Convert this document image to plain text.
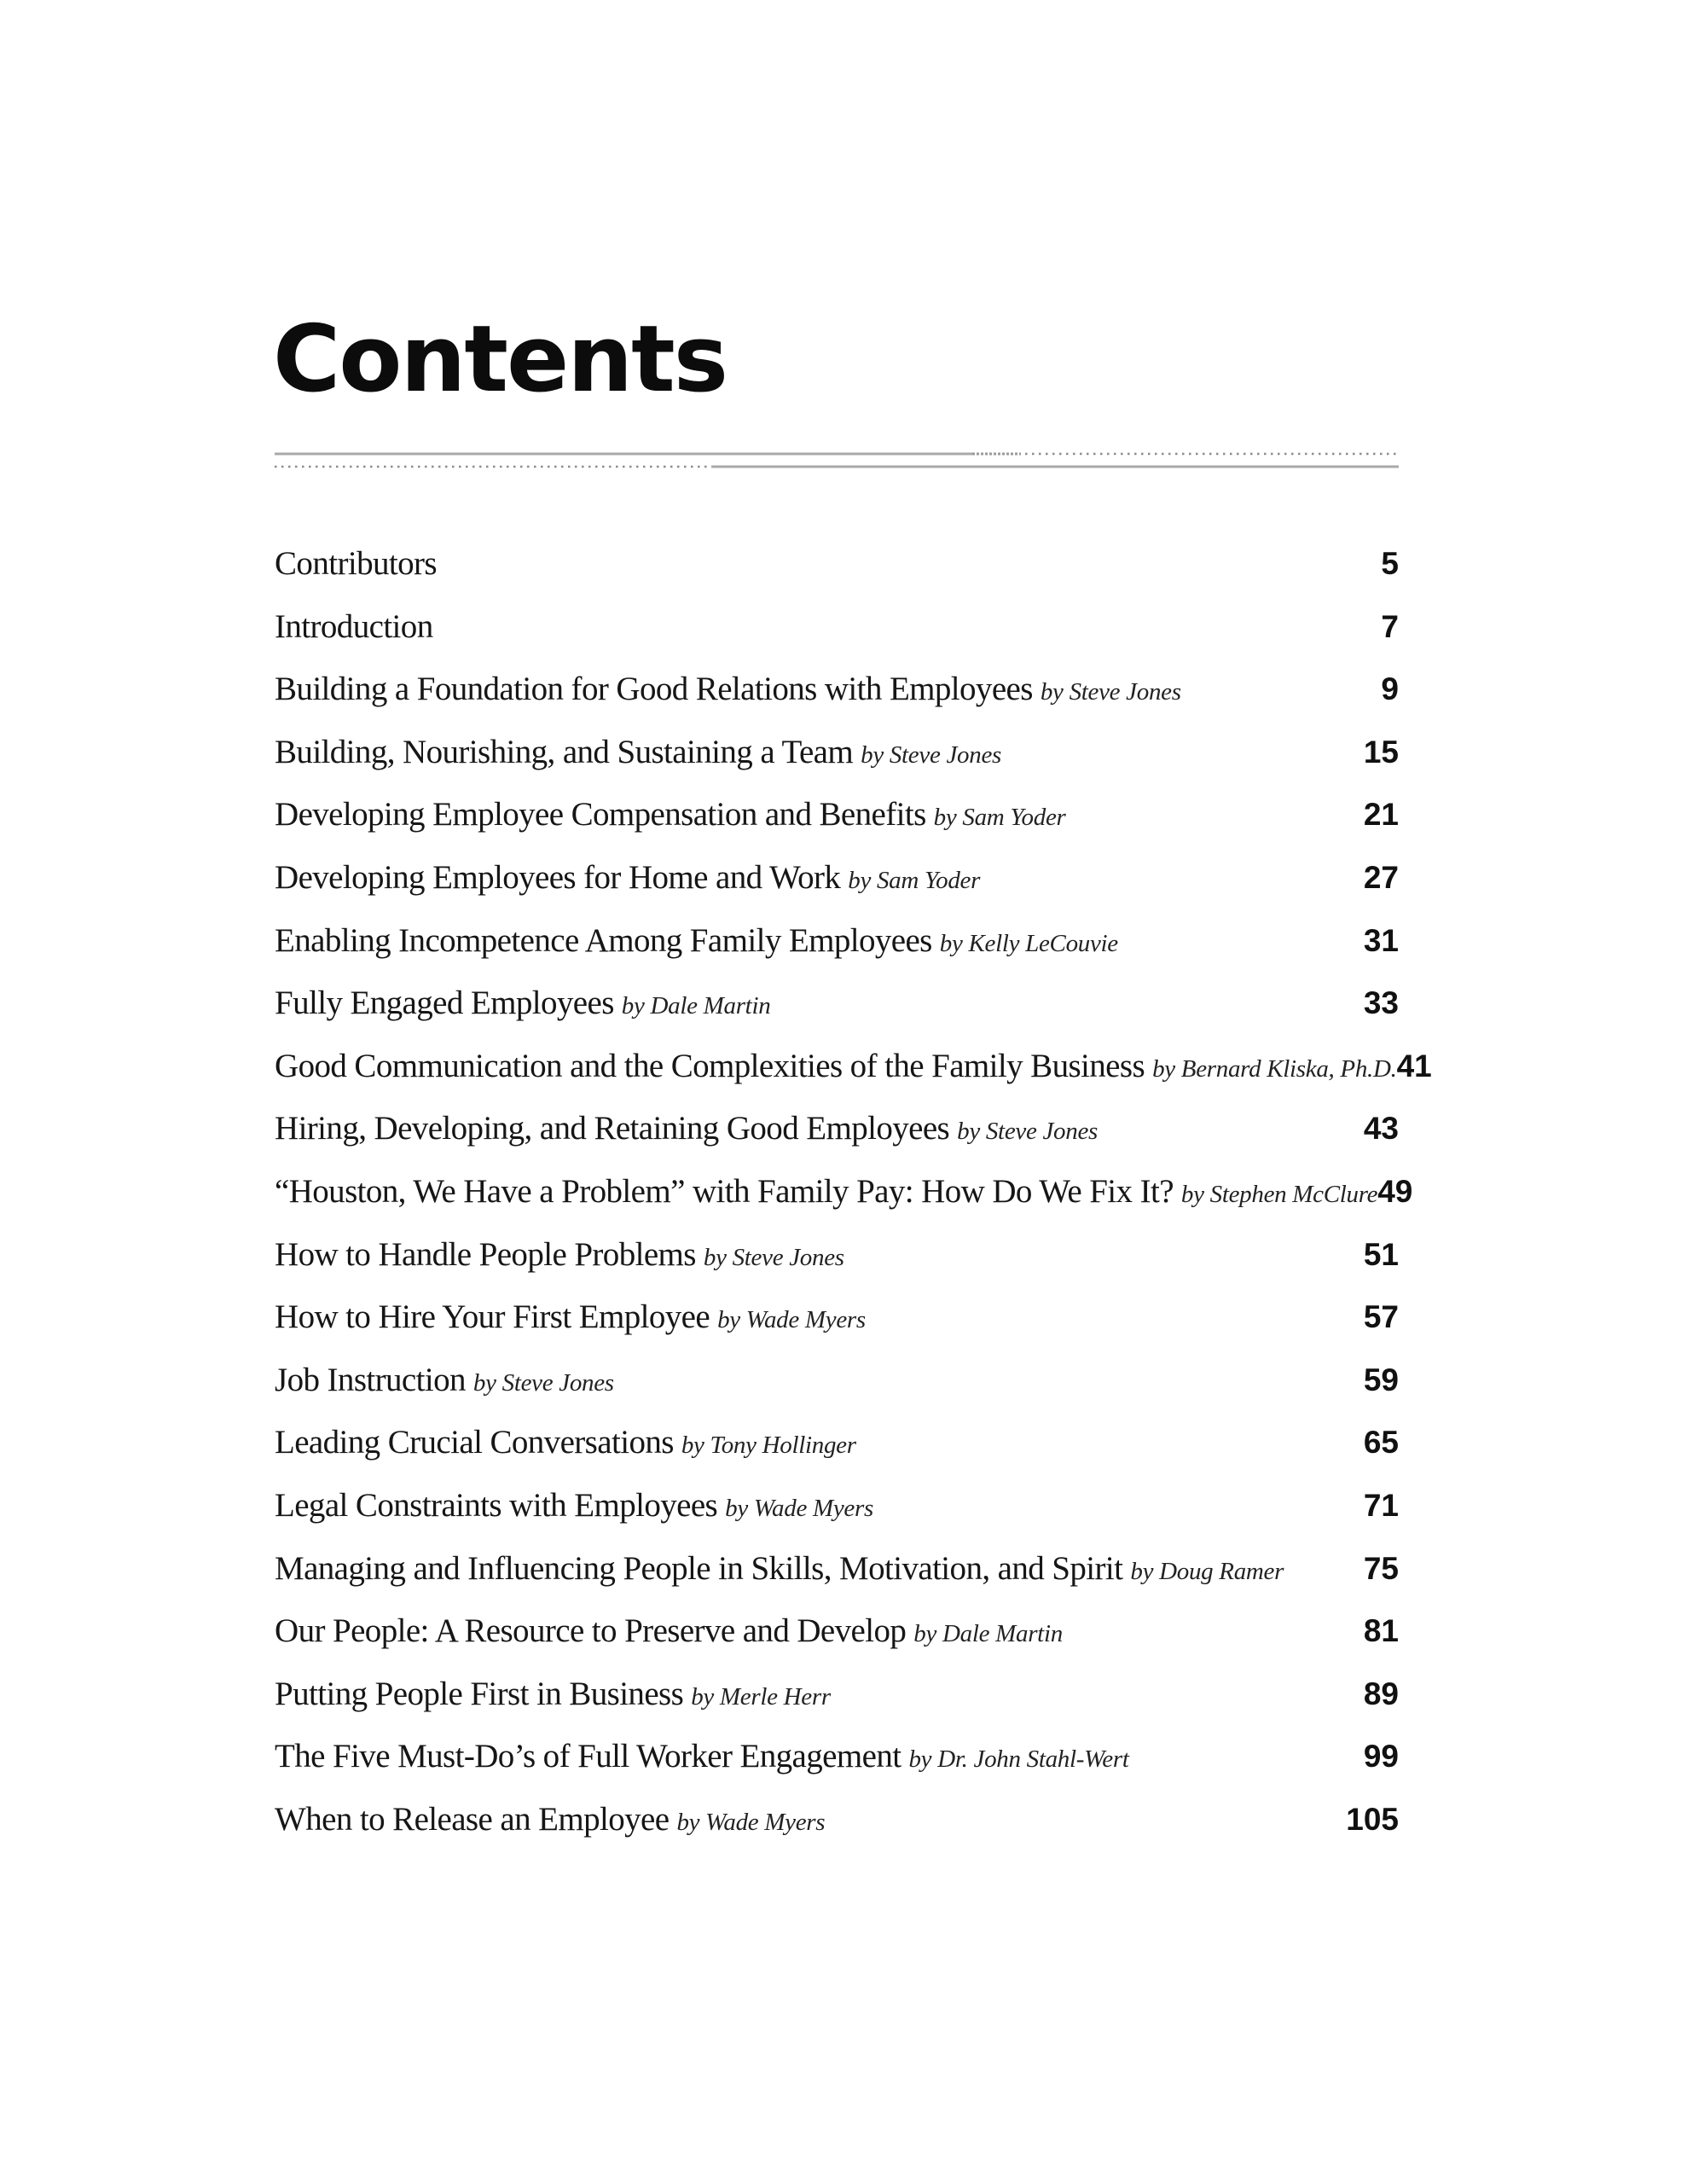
Contents
Contributors	5
Introduction	7
Building a Foundation for Good Relations with Employees by Steve Jones	9
Building, Nourishing, and Sustaining a Team by Steve Jones	15
Developing Employee Compensation and Benefits by Sam Yoder	21
Developing Employees for Home and Work by Sam Yoder	27
Enabling Incompetence Among Family Employees by Kelly LeCouvie	31
Fully Engaged Employees by Dale Martin	33
Good Communication and the Complexities of the Family Business by Bernard Kliska, Ph.D. 41
Hiring, Developing, and Retaining Good Employees by Steve Jones	43
“Houston, We Have a Problem” with Family Pay: How Do We Fix It? by Stephen McClure 49
How to Handle People Problems by Steve Jones	51
How to Hire Your First Employee by Wade Myers	57
Job Instruction by Steve Jones	59
Leading Crucial Conversations by Tony Hollinger	65
Legal Constraints with Employees by Wade Myers	71
Managing and Influencing People in Skills, Motivation, and Spirit by Doug Ramer	75
Our People: A Resource to Preserve and Develop by Dale Martin	81
Putting People First in Business by Merle Herr	89
The Five Must-Do’s of Full Worker Engagement by Dr. John Stahl-Wert	99
When to Release an Employee by Wade Myers	105
